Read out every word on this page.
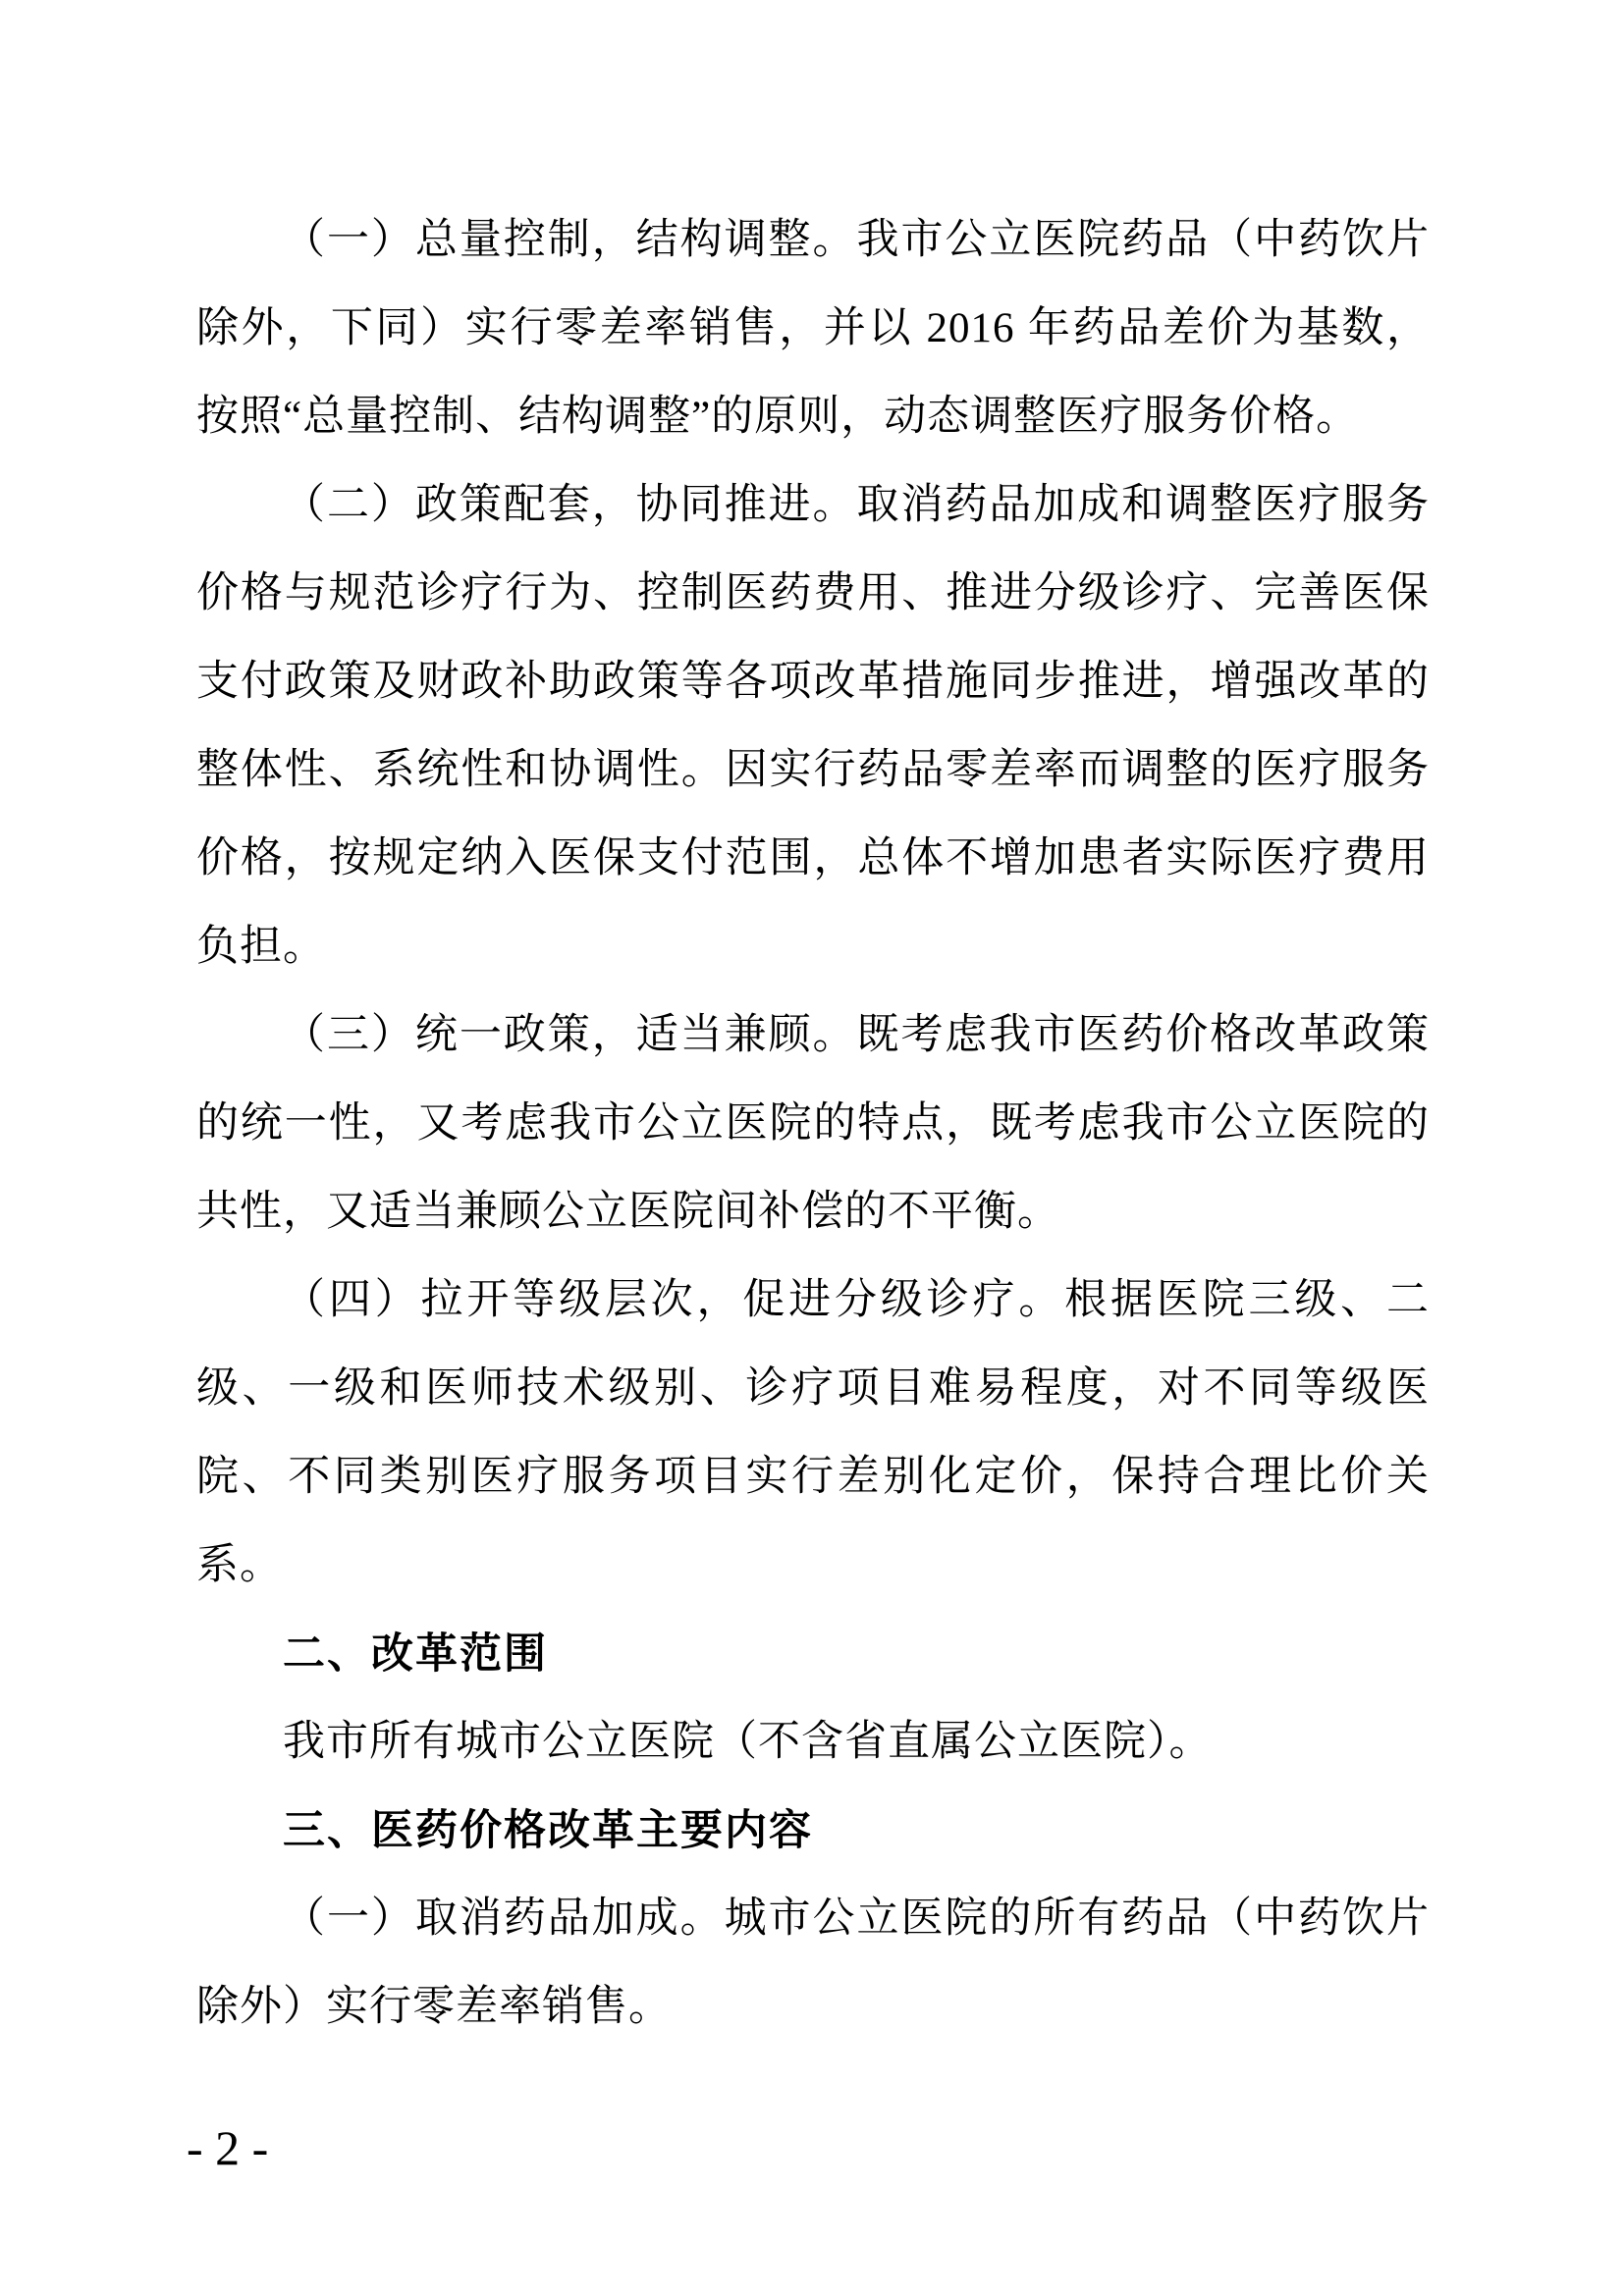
（一）总量控制，结构调整。我市公立医院药品（中药饮片除外，下同）实行零差率销售，并以 2016 年药品差价为基数，按照“总量控制、结构调整”的原则，动态调整医疗服务价格。

（二）政策配套，协同推进。取消药品加成和调整医疗服务价格与规范诊疗行为、控制医药费用、推进分级诊疗、完善医保支付政策及财政补助政策等各项改革措施同步推进，增强改革的整体性、系统性和协调性。因实行药品零差率而调整的医疗服务价格，按规定纳入医保支付范围，总体不增加患者实际医疗费用负担。

（三）统一政策，适当兼顾。既考虑我市医药价格改革政策的统一性，又考虑我市公立医院的特点，既考虑我市公立医院的共性，又适当兼顾公立医院间补偿的不平衡。

（四）拉开等级层次，促进分级诊疗。根据医院三级、二级、一级和医师技术级别、诊疗项目难易程度，对不同等级医院、不同类别医疗服务项目实行差别化定价，保持合理比价关系。

二、改革范围

我市所有城市公立医院（不含省直属公立医院）。

三、医药价格改革主要内容

（一）取消药品加成。城市公立医院的所有药品（中药饮片除外）实行零差率销售。

- 2 -
